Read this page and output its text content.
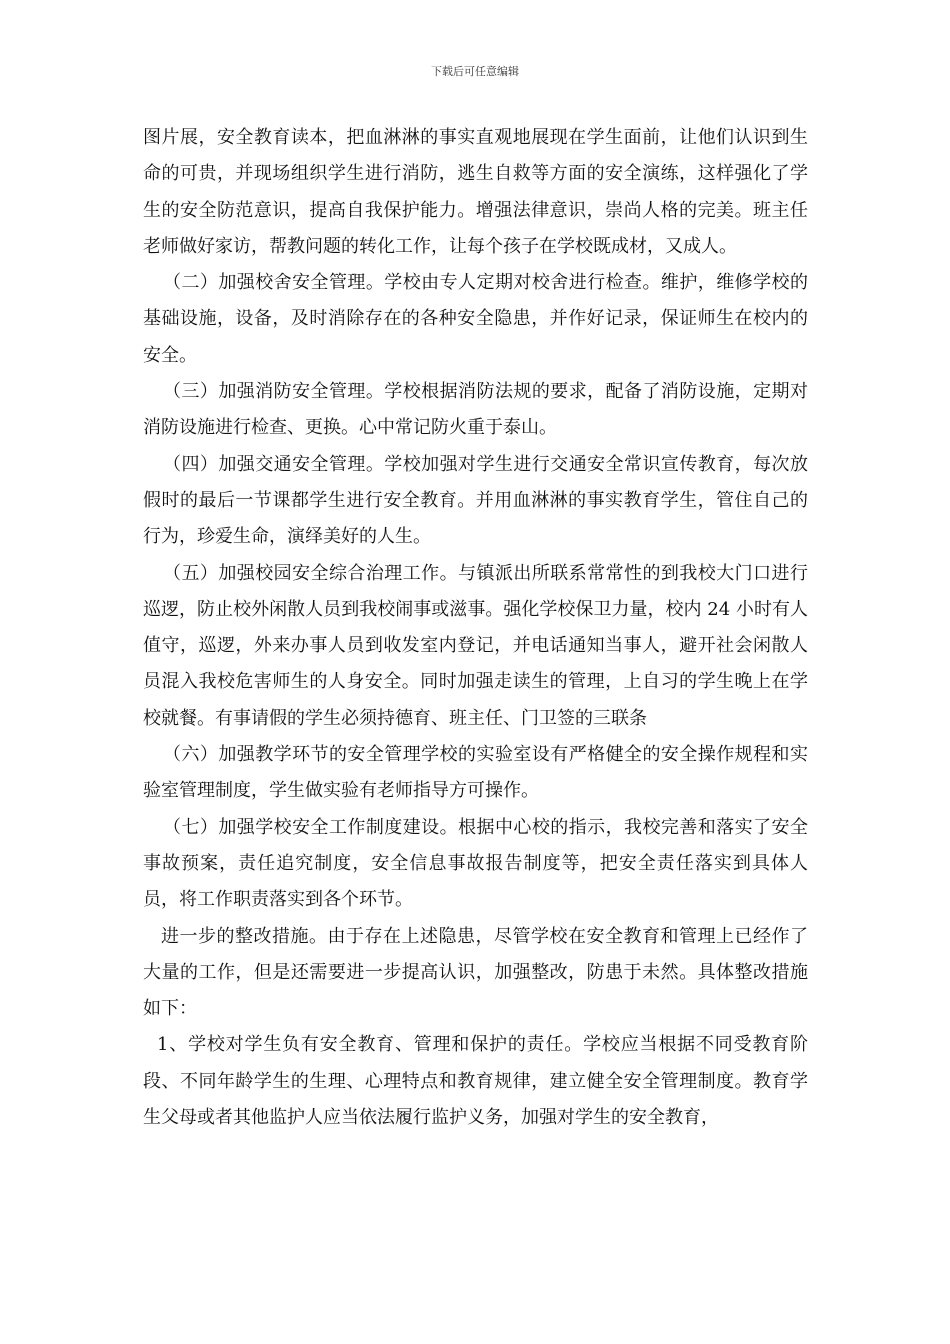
下载后可任意编辑

图片展，安全教育读本，把血淋淋的事实直观地展现在学生面前，让他们认识到生命的可贵，并现场组织学生进行消防，逃生自救等方面的安全演练，这样强化了学生的安全防范意识，提高自我保护能力。增强法律意识，崇尚人格的完美。班主任老师做好家访，帮教问题的转化工作，让每个孩子在学校既成材，又成人。

（二）加强校舍安全管理。学校由专人定期对校舍进行检查。维护，维修学校的基础设施，设备，及时消除存在的各种安全隐患，并作好记录，保证师生在校内的安全。

（三）加强消防安全管理。学校根据消防法规的要求，配备了消防设施，定期对消防设施进行检查、更换。心中常记防火重于泰山。

（四）加强交通安全管理。学校加强对学生进行交通安全常识宣传教育，每次放假时的最后一节课都学生进行安全教育。并用血淋淋的事实教育学生，管住自己的行为，珍爱生命，演绎美好的人生。

（五）加强校园安全综合治理工作。与镇派出所联系常常性的到我校大门口进行巡逻，防止校外闲散人员到我校闹事或滋事。强化学校保卫力量，校内 24 小时有人值守，巡逻，外来办事人员到收发室内登记，并电话通知当事人，避开社会闲散人员混入我校危害师生的人身安全。同时加强走读生的管理，上自习的学生晚上在学校就餐。有事请假的学生必须持德育、班主任、门卫签的三联条

（六）加强教学环节的安全管理学校的实验室设有严格健全的安全操作规程和实验室管理制度，学生做实验有老师指导方可操作。

（七）加强学校安全工作制度建设。根据中心校的指示，我校完善和落实了安全事故预案，责任追究制度，安全信息事故报告制度等，把安全责任落实到具体人员，将工作职责落实到各个环节。

进一步的整改措施。由于存在上述隐患，尽管学校在安全教育和管理上已经作了大量的工作，但是还需要进一步提高认识，加强整改，防患于未然。具体整改措施如下：

1、学校对学生负有安全教育、管理和保护的责任。学校应当根据不同受教育阶段、不同年龄学生的生理、心理特点和教育规律，建立健全安全管理制度。教育学生父母或者其他监护人应当依法履行监护义务，加强对学生的安全教育，
